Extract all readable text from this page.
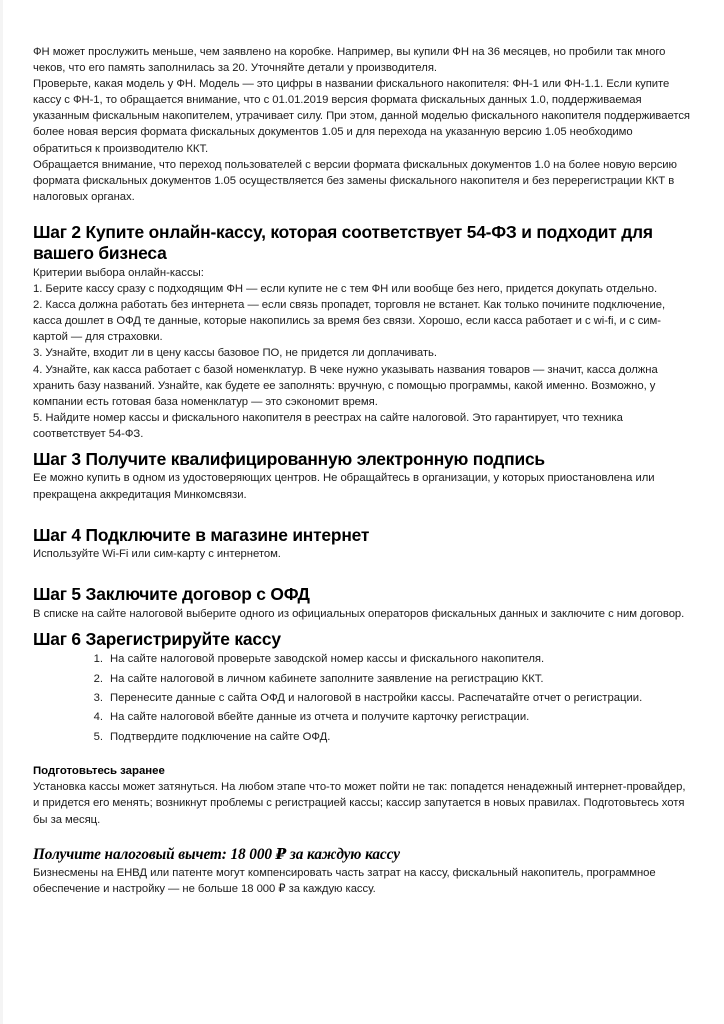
ФН может прослужить меньше, чем заявлено на коробке. Например, вы купили ФН на 36 месяцев, но пробили так много чеков, что его память заполнилась за 20. Уточняйте детали у производителя.

Проверьте, какая модель у ФН. Модель — это цифры в названии фискального накопителя: ФН-1 или ФН-1.1. Если купите кассу с ФН-1, то обращается внимание, что с 01.01.2019 версия формата фискальных данных 1.0, поддерживаемая указанным фискальным накопителем, утрачивает силу. При этом, данной моделью фискального накопителя поддерживается более новая версия формата фискальных документов 1.05 и для перехода на указанную версию 1.05 необходимо обратиться к производителю ККТ.

Обращается внимание, что переход пользователей с версии формата фискальных документов 1.0 на более новую версию формата фискальных документов 1.05 осуществляется без замены фискального накопителя и без перерегистрации ККТ в налоговых органах.

Шаг 2 Купите онлайн-кассу, которая соответствует 54-ФЗ и подходит для вашего бизнеса

Критерии выбора онлайн-кассы:

1. Берите кассу сразу с подходящим ФН — если купите не с тем ФН или вообще без него, придется докупать отдельно.

2. Касса должна работать без интернета — если связь пропадет, торговля не встанет. Как только почините подключение, касса дошлет в ОФД те данные, которые накопились за время без связи. Хорошо, если касса работает и с wi-fi, и с сим-картой — для страховки.

3. Узнайте, входит ли в цену кассы базовое ПО, не придется ли доплачивать.

4. Узнайте, как касса работает с базой номенклатур. В чеке нужно указывать названия товаров — значит, касса должна хранить базу названий. Узнайте, как будете ее заполнять: вручную, с помощью программы, какой именно. Возможно, у компании есть готовая база номенклатур — это сэкономит время.

5. Найдите номер кассы и фискального накопителя в реестрах на сайте налоговой. Это гарантирует, что техника соответствует 54-ФЗ.

Шаг 3 Получите квалифицированную электронную подпись

Ее можно купить в одном из удостоверяющих центров. Не обращайтесь в организации, у которых приостановлена или прекращена аккредитация Минкомсвязи.

Шаг 4 Подключите в магазине интернет

Используйте Wi-Fi или сим-карту с интернетом.

Шаг 5 Заключите договор с ОФД

В списке на сайте налоговой выберите одного из официальных операторов фискальных данных и заключите с ним договор.

Шаг 6 Зарегистрируйте кассу
На сайте налоговой проверьте заводской номер кассы и фискального накопителя.
На сайте налоговой в личном кабинете заполните заявление на регистрацию ККТ.
Перенесите данные с сайта ОФД и налоговой в настройки кассы. Распечатайте отчет о регистрации.
На сайте налоговой вбейте данные из отчета и получите карточку регистрации.
Подтвердите подключение на сайте ОФД.
Подготовьтесь заранее

Установка кассы может затянуться. На любом этапе что-то может пойти не так: попадется ненадежный интернет-провайдер, и придется его менять; возникнут проблемы с регистрацией кассы; кассир запутается в новых правилах. Подготовьтесь хотя бы за месяц.

Получите налоговый вычет: 18 000 ₽ за каждую кассу

Бизнесмены на ЕНВД или патенте могут компенсировать часть затрат на кассу, фискальный накопитель, программное обеспечение и настройку — не больше 18 000 ₽ за каждую кассу.
